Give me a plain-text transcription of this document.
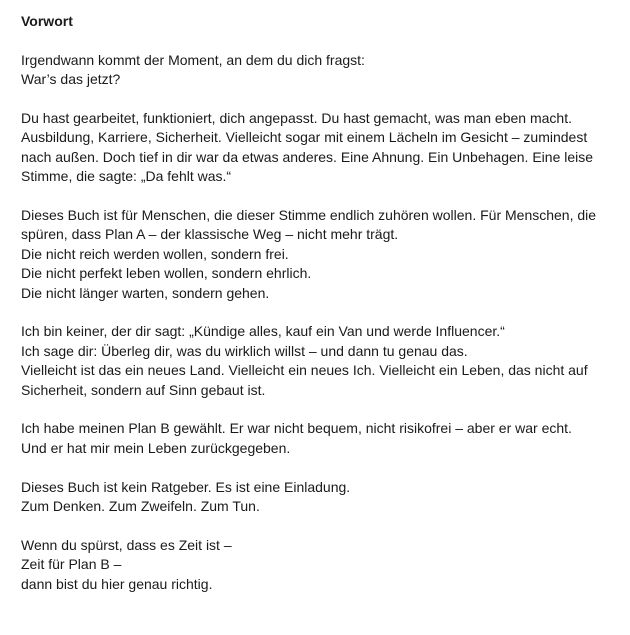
Vorwort

Irgendwann kommt der Moment, an dem du dich fragst:
War’s das jetzt?

Du hast gearbeitet, funktioniert, dich angepasst. Du hast gemacht, was man eben macht.
Ausbildung, Karriere, Sicherheit. Vielleicht sogar mit einem Lächeln im Gesicht – zumindest
nach außen. Doch tief in dir war da etwas anderes. Eine Ahnung. Ein Unbehagen. Eine leise
Stimme, die sagte: „Da fehlt was.“

Dieses Buch ist für Menschen, die dieser Stimme endlich zuhören wollen. Für Menschen, die
spüren, dass Plan A – der klassische Weg – nicht mehr trägt.
Die nicht reich werden wollen, sondern frei.
Die nicht perfekt leben wollen, sondern ehrlich.
Die nicht länger warten, sondern gehen.

Ich bin keiner, der dir sagt: „Kündige alles, kauf ein Van und werde Influencer.“
Ich sage dir: Überleg dir, was du wirklich willst – und dann tu genau das.
Vielleicht ist das ein neues Land. Vielleicht ein neues Ich. Vielleicht ein Leben, das nicht auf
Sicherheit, sondern auf Sinn gebaut ist.

Ich habe meinen Plan B gewählt. Er war nicht bequem, nicht risikofrei – aber er war echt.
Und er hat mir mein Leben zurückgegeben.

Dieses Buch ist kein Ratgeber. Es ist eine Einladung.
Zum Denken. Zum Zweifeln. Zum Tun.

Wenn du spürst, dass es Zeit ist –
Zeit für Plan B –
dann bist du hier genau richtig.
